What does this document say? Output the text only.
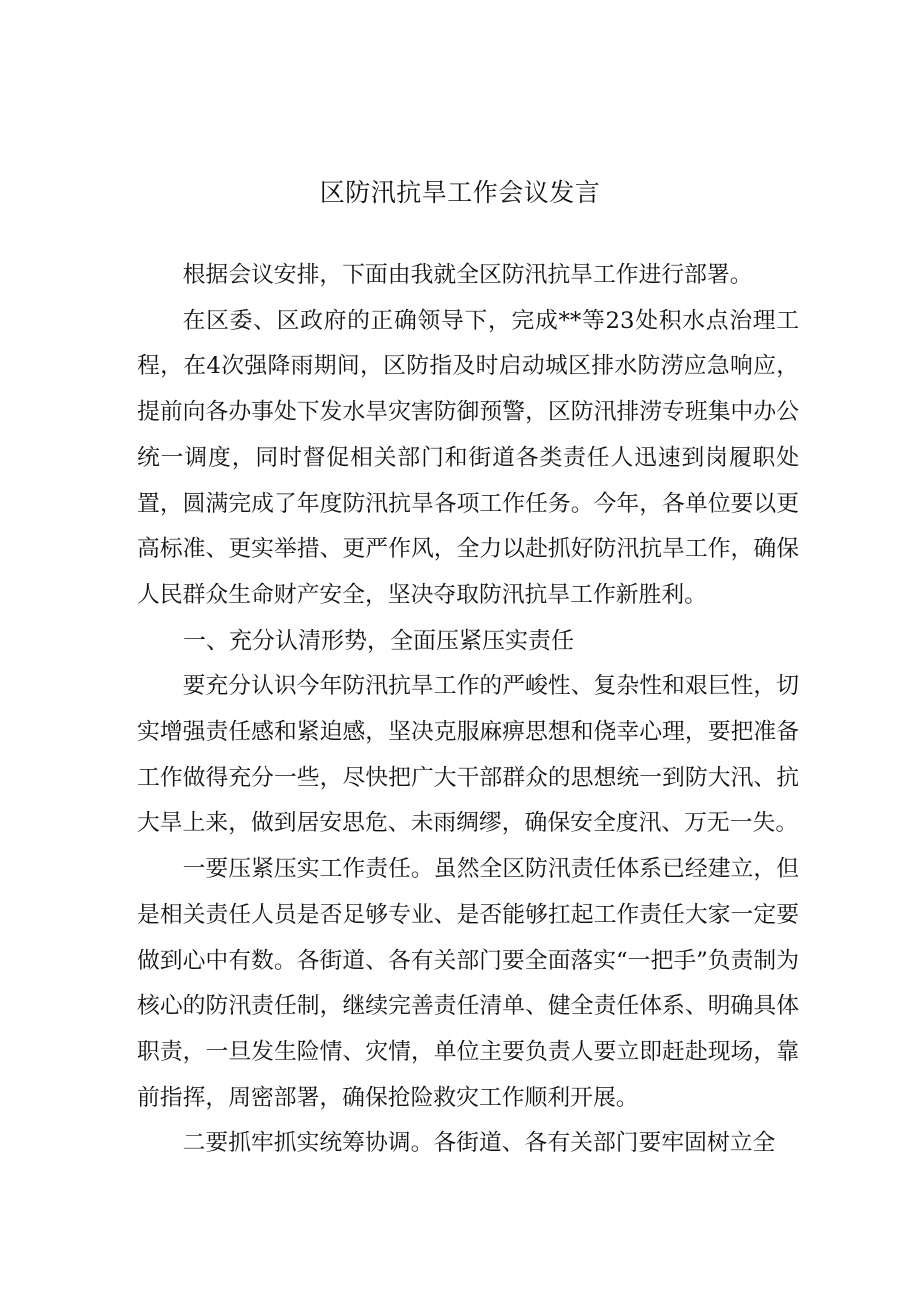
区防汛抗旱工作会议发言

根据会议安排，下面由我就全区防汛抗旱工作进行部署。

在区委、区政府的正确领导下，完成**等23处积水点治理工程，在4次强降雨期间，区防指及时启动城区排水防涝应急响应，提前向各办事处下发水旱灾害防御预警，区防汛排涝专班集中办公统一调度，同时督促相关部门和街道各类责任人迅速到岗履职处置，圆满完成了年度防汛抗旱各项工作任务。今年，各单位要以更高标准、更实举措、更严作风，全力以赴抓好防汛抗旱工作，确保人民群众生命财产安全，坚决夺取防汛抗旱工作新胜利。

一、充分认清形势，全面压紧压实责任

要充分认识今年防汛抗旱工作的严峻性、复杂性和艰巨性，切实增强责任感和紧迫感，坚决克服麻痹思想和侥幸心理，要把准备工作做得充分一些，尽快把广大干部群众的思想统一到防大汛、抗大旱上来，做到居安思危、未雨绸缪，确保安全度汛、万无一失。

一要压紧压实工作责任。虽然全区防汛责任体系已经建立，但是相关责任人员是否足够专业、是否能够扛起工作责任大家一定要做到心中有数。各街道、各有关部门要全面落实“一把手”负责制为核心的防汛责任制，继续完善责任清单、健全责任体系、明确具体职责，一旦发生险情、灾情，单位主要负责人要立即赶赴现场，靠前指挥，周密部署，确保抢险救灾工作顺利开展。

二要抓牢抓实统筹协调。各街道、各有关部门要牢固树立全
